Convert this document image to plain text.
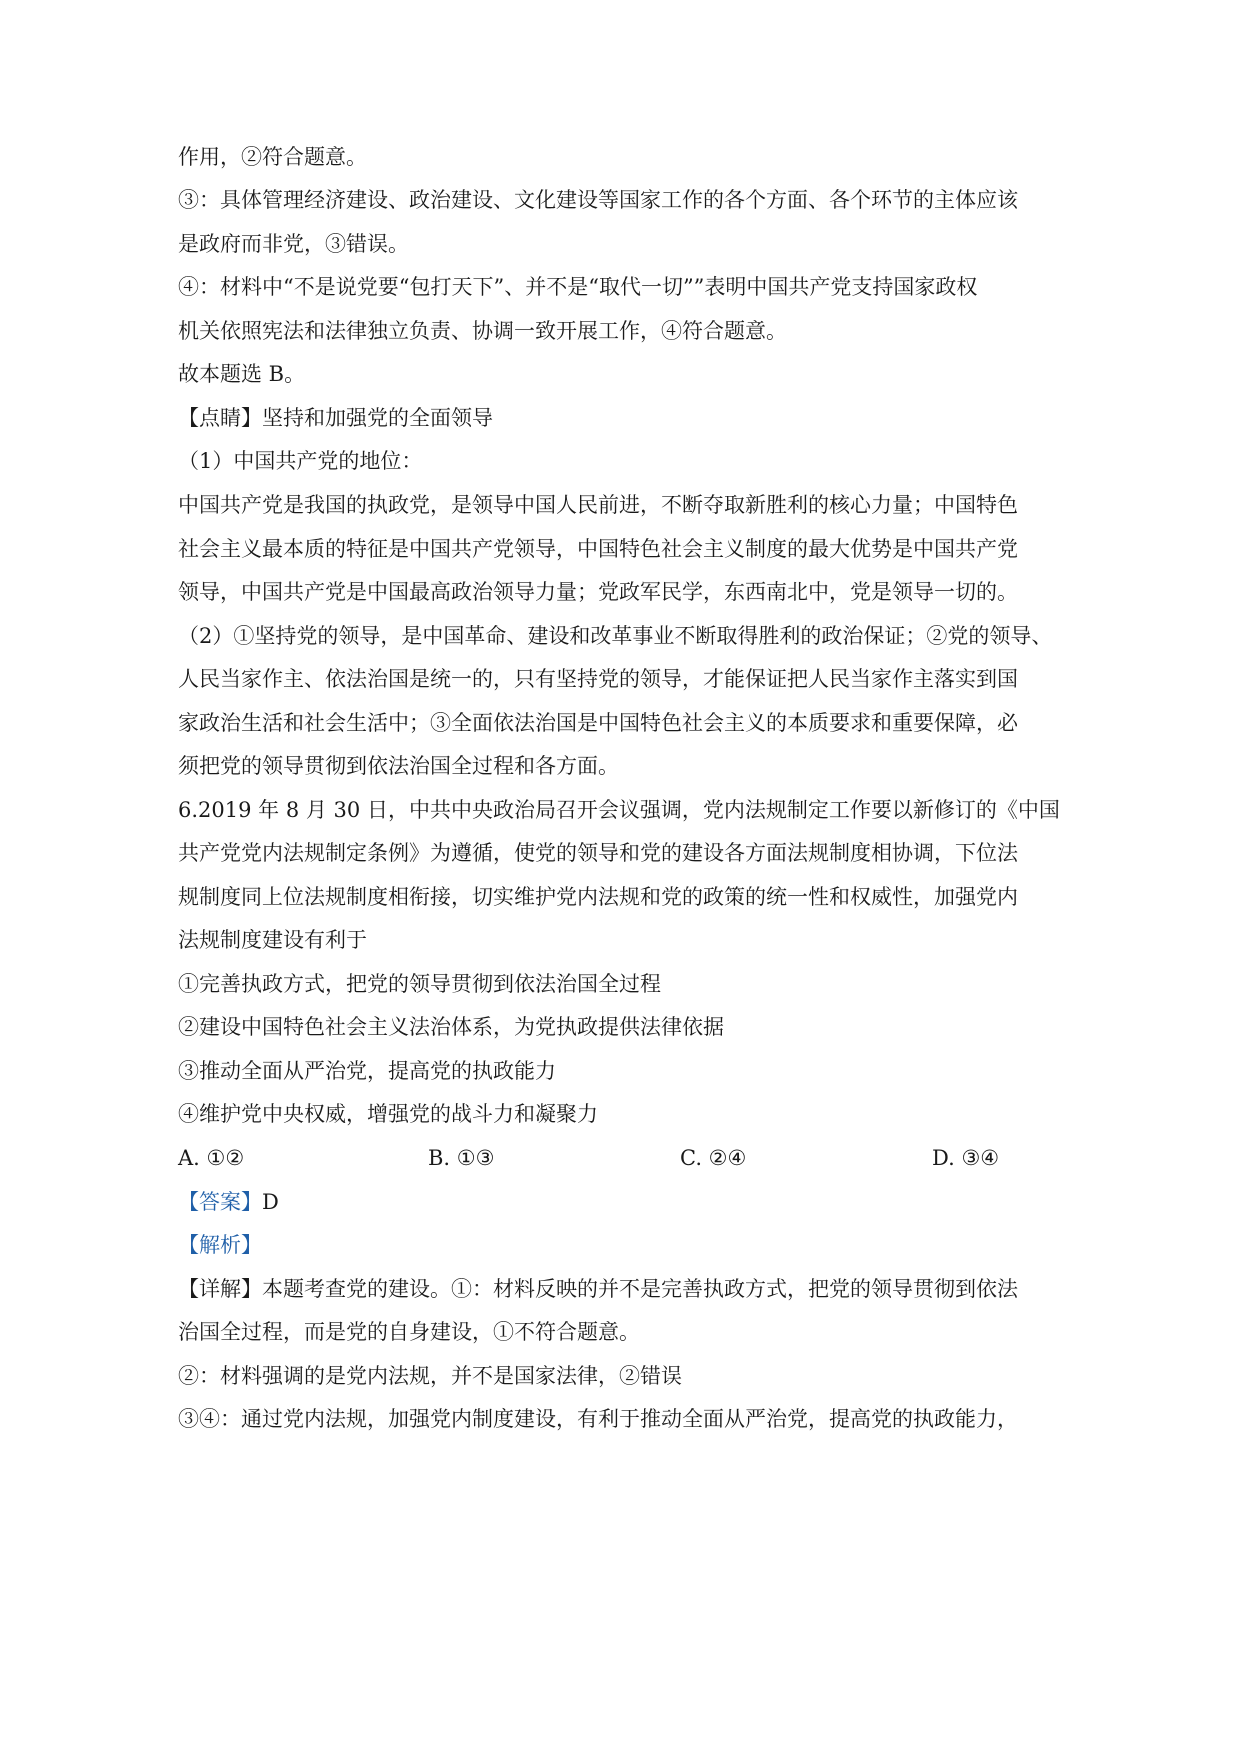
作用，②符合题意。
③：具体管理经济建设、政治建设、文化建设等国家工作的各个方面、各个环节的主体应该
是政府而非党，③错误。
④：材料中“不是说党要“包打天下”、并不是“取代一切””表明中国共产党支持国家政权
机关依照宪法和法律独立负责、协调一致开展工作，④符合题意。
故本题选 B。
【点睛】坚持和加强党的全面领导
（1）中国共产党的地位：
中国共产党是我国的执政党，是领导中国人民前进，不断夺取新胜利的核心力量；中国特色
社会主义最本质的特征是中国共产党领导，中国特色社会主义制度的最大优势是中国共产党
领导，中国共产党是中国最高政治领导力量；党政军民学，东西南北中，党是领导一切的。
（2）①坚持党的领导，是中国革命、建设和改革事业不断取得胜利的政治保证；②党的领导、
人民当家作主、依法治国是统一的，只有坚持党的领导，才能保证把人民当家作主落实到国
家政治生活和社会生活中；③全面依法治国是中国特色社会主义的本质要求和重要保障，必
须把党的领导贯彻到依法治国全过程和各方面。
6.2019 年 8 月 30 日，中共中央政治局召开会议强调，党内法规制定工作要以新修订的《中国
共产党党内法规制定条例》为遵循，使党的领导和党的建设各方面法规制度相协调，下位法
规制度同上位法规制度相衔接，切实维护党内法规和党的政策的统一性和权威性，加强党内
法规制度建设有利于
①完善执政方式，把党的领导贯彻到依法治国全过程
②建设中国特色社会主义法治体系，为党执政提供法律依据
③推动全面从严治党，提高党的执政能力
④维护党中央权威，增强党的战斗力和凝聚力
A. ①②	B. ①③	C. ②④	D. ③④
【答案】D
【解析】
【详解】本题考查党的建设。①：材料反映的并不是完善执政方式，把党的领导贯彻到依法
治国全过程，而是党的自身建设，①不符合题意。
②：材料强调的是党内法规，并不是国家法律，②错误
③④：通过党内法规，加强党内制度建设，有利于推动全面从严治党，提高党的执政能力，
